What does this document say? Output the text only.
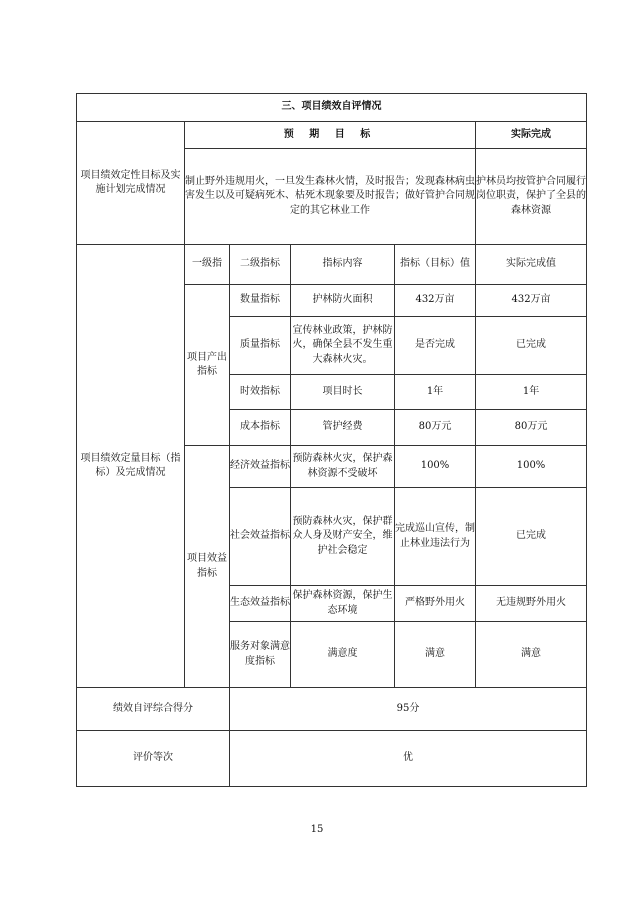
三、项目绩效自评情况					
项目绩效定性目标及实施计划完成情况	预 期 目 标				实际完成
	制止野外违规用火，一旦发生森林火情，及时报告；发现森林病虫害发生以及可疑病死木、枯死木现象要及时报告；做好管护合同规定的其它林业工作				护林员均按管护合同履行岗位职责，保护了全县的森林资源
项目绩效定量目标（指标）及完成情况	一级指	二级指标	指标内容	指标（目标）值	实际完成值
	项目产出指标	数量指标	护林防火面积	432万亩	432万亩
		质量指标	宣传林业政策，护林防火，确保全县不发生重大森林火灾。	是否完成	已完成
		时效指标	项目时长	1年	1年
		成本指标	管护经费	80万元	80万元
	项目效益指标	经济效益指标	预防森林火灾，保护森林资源不受破坏	100%	100%
		社会效益指标	预防森林火灾，保护群众人身及财产安全，维护社会稳定	完成巡山宣传，制止林业违法行为	已完成
		生态效益指标	保护森林资源，保护生态环境	严格野外用火	无违规野外用火
		服务对象满意度指标	满意度	满意	满意
绩效自评综合得分		95分			
评价等次		优			
15
